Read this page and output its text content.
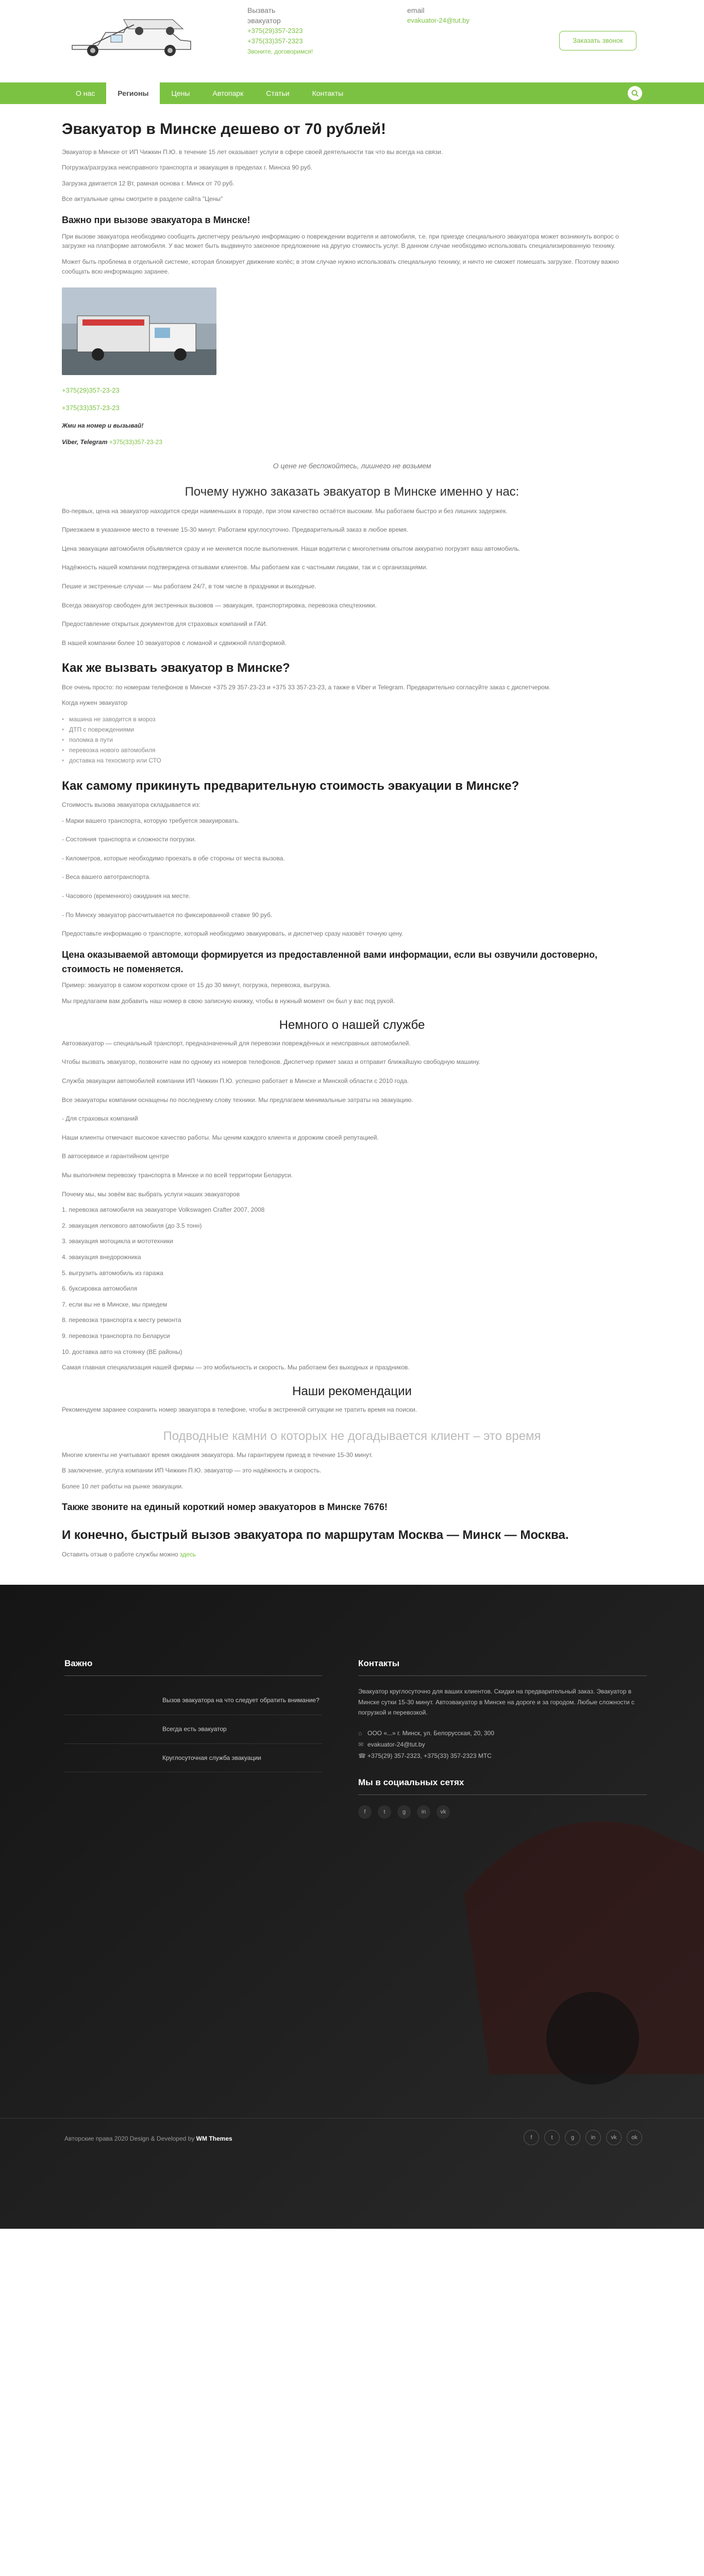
Вызвать
эвакуатор
+375(29)357-2323
+375(33)357-2323
Звоните, договоримся!
email
evakuator-24@tut.by
Заказать звонок
О нас	Регионы	Цены	Автопарк	Статьи	Контакты
Эвакуатор в Минске дешево от 70 рублей!

Эвакуатор в Минске от ИП Чижкин П.Ю. в течение 15 лет оказывает услуги в сфере своей деятельности так что вы всегда на связи.

Погрузка/разгрузка неисправного транспорта и эвакуация в пределах г. Минска 90 руб.

Загрузка двигается 12 Вт, рамная основа г. Минск от 70 руб.

Все актуальные цены смотрите в разделе сайта "Цены"

Важно при вызове эвакуатора в Минске!

При вызове эвакуатора необходимо сообщить диспетчеру реальную информацию о повреждении водителя и автомобиля, т.е. при приезде специального эвакуатора может возникнуть вопрос о загрузке на платформе автомобиля. У вас может быть выдвинуто законное предложение на другую стоимость услуг. В данном случае необходимо использовать специализированную технику.

Может быть проблема в отдельной системе, которая блокирует движение колёс; в этом случае нужно использовать специальную технику, и ничто не сможет помешать загрузке. Поэтому важно сообщать всю информацию заранее.

+375(29)357-23-23

+375(33)357-23-23

Жми на номер и вызывай!

Viber, Telegram +375(33)357-23-23

О цене не беспокойтесь, лишнего не возьмем
Почему нужно заказать эвакуатор в Минске именно у нас:

Во-первых, цена на эвакуатор находится среди наименьших в городе, при этом качество остаётся высоким. Мы работаем быстро и без лишних задержек.

Приезжаем в указанное место в течение 15-30 минут. Работаем круглосуточно. Предварительный заказ в любое время.

Цена эвакуации автомобиля объявляется сразу и не меняется после выполнения. Наши водители с многолетним опытом аккуратно погрузят ваш автомобиль.

Надёжность нашей компании подтверждена отзывами клиентов. Мы работаем как с частными лицами, так и с организациями.

Пешие и экстренные случаи — мы работаем 24/7, в том числе в праздники и выходные.

Всегда эвакуатор свободен для экстренных вызовов — эвакуация, транспортировка, перевозка спецтехники.

Предоставление открытых документов для страховых компаний и ГАИ.

В нашей компании более 10 эвакуаторов с ломаной и сдвижной платформой.

Как же вызвать эвакуатор в Минске?

Все очень просто: по номерам телефонов в Минске +375 29 357-23-23 и +375 33 357-23-23, а также в Viber и Telegram. Предварительно согласуйте заказ с диспетчером.

Когда нужен эвакуатор

• машина не заводится в мороз
• ДТП с повреждениями
• поломка в пути
• перевозка нового автомобиля
• доставка на техосмотр или СТО
Как самому прикинуть предварительную стоимость эвакуации в Минске?

Стоимость вызова эвакуатора складывается из:

- Марки вашего транспорта, которую требуется эвакуировать.

- Состояния транспорта и сложности погрузки.

- Километров, которые необходимо проехать в обе стороны от места вызова.

- Веса вашего автотранспорта.

- Часового (временного) ожидания на месте.

- По Минску эвакуатор рассчитывается по фиксированной ставке 90 руб.

Предоставьте информацию о транспорте, который необходимо эвакуировать, и диспетчер сразу назовёт точную цену.

Цена оказываемой автомощи формируется из предоставленной вами информации, если вы озвучили достоверно, стоимость не поменяется.

Пример: эвакуатор в самом коротком сроке от 15 до 30 минут, погрузка, перевозка, выгрузка.

Мы предлагаем вам добавить наш номер в свою записную книжку, чтобы в нужный момент он был у вас под рукой.

Немного о нашей службе

Автоэвакуатор — специальный транспорт, предназначенный для перевозки повреждённых и неисправных автомобилей.

Чтобы вызвать эвакуатор, позвоните нам по одному из номеров телефонов. Диспетчер примет заказ и отправит ближайшую свободную машину.

Служба эвакуации автомобилей компании ИП Чижкин П.Ю. успешно работает в Минске и Минской области с 2010 года.

Все эвакуаторы компании оснащены по последнему слову техники. Мы предлагаем минимальные затраты на эвакуацию.

- Для страховых компаний

Наши клиенты отмечают высокое качество работы. Мы ценим каждого клиента и дорожим своей репутацией.

В автосервисе и гарантийном центре

Мы выполняем перевозку транспорта в Минске и по всей территории Беларуси.

Почему мы, мы зовём вас выбрать услуги наших эвакуаторов

1. перевозка автомобиля на эвакуаторе Volkswagen Crafter 2007, 2008

2. эвакуация легкового автомобиля (до 3.5 тонн)

3. эвакуация мотоцикла и мототехники

4. эвакуация внедорожника

5. выгрузить автомобиль из гаража

6. буксировка автомобиля

7. если вы не в Минске, мы приедем

8. перевозка транспорта к месту ремонта

9. перевозка транспорта по Беларуси

10. доставка авто на стоянку (ВЕ районы)

Самая главная специализация нашей фирмы — это мобильность и скорость. Мы работаем без выходных и праздников.

Наши рекомендации

Рекомендуем заранее сохранить номер эвакуатора в телефоне, чтобы в экстренной ситуации не тратить время на поиски.

Подводные камни о которых не догадывается клиент – это время

Многие клиенты не учитывают время ожидания эвакуатора. Мы гарантируем приезд в течение 15-30 минут.

В заключение, услуга компании ИП Чижкин П.Ю. эвакуатор — это надёжность и скорость.

Более 10 лет работы на рынке эвакуации.

Также звоните на единый короткий номер эвакуаторов в Минске 7676!
И конечно, быстрый вызов эвакуатора по маршрутам Москва — Минск — Москва.

Оставить отзыв о работе службы можно здесь

Важно
Вызов эвакуатора на что следует обратить внимание?
Всегда есть эвакуатор
Круглосуточная служба эвакуации
Контакты
Эвакуатор круглосуточно для ваших клиентов. Скидки на предварительный заказ. Эвакуатор в Минске сутки 15-30 минут. Автоэвакуатор в Минске на дороге и за городом. Любые сложности с погрузкой и перевозкой.
⌂ ООО «...» г. Минск, ул. Белорусская, 20, 300
✉ evakuator-24@tut.by
☎ +375(29) 357-2323, +375(33) 357-2323 МТС
Мы в социальных сетях
f	t	g	in	vk
Авторские права 2020 Design & Developed by WM Themes	f	t	g	in	vk	ok
